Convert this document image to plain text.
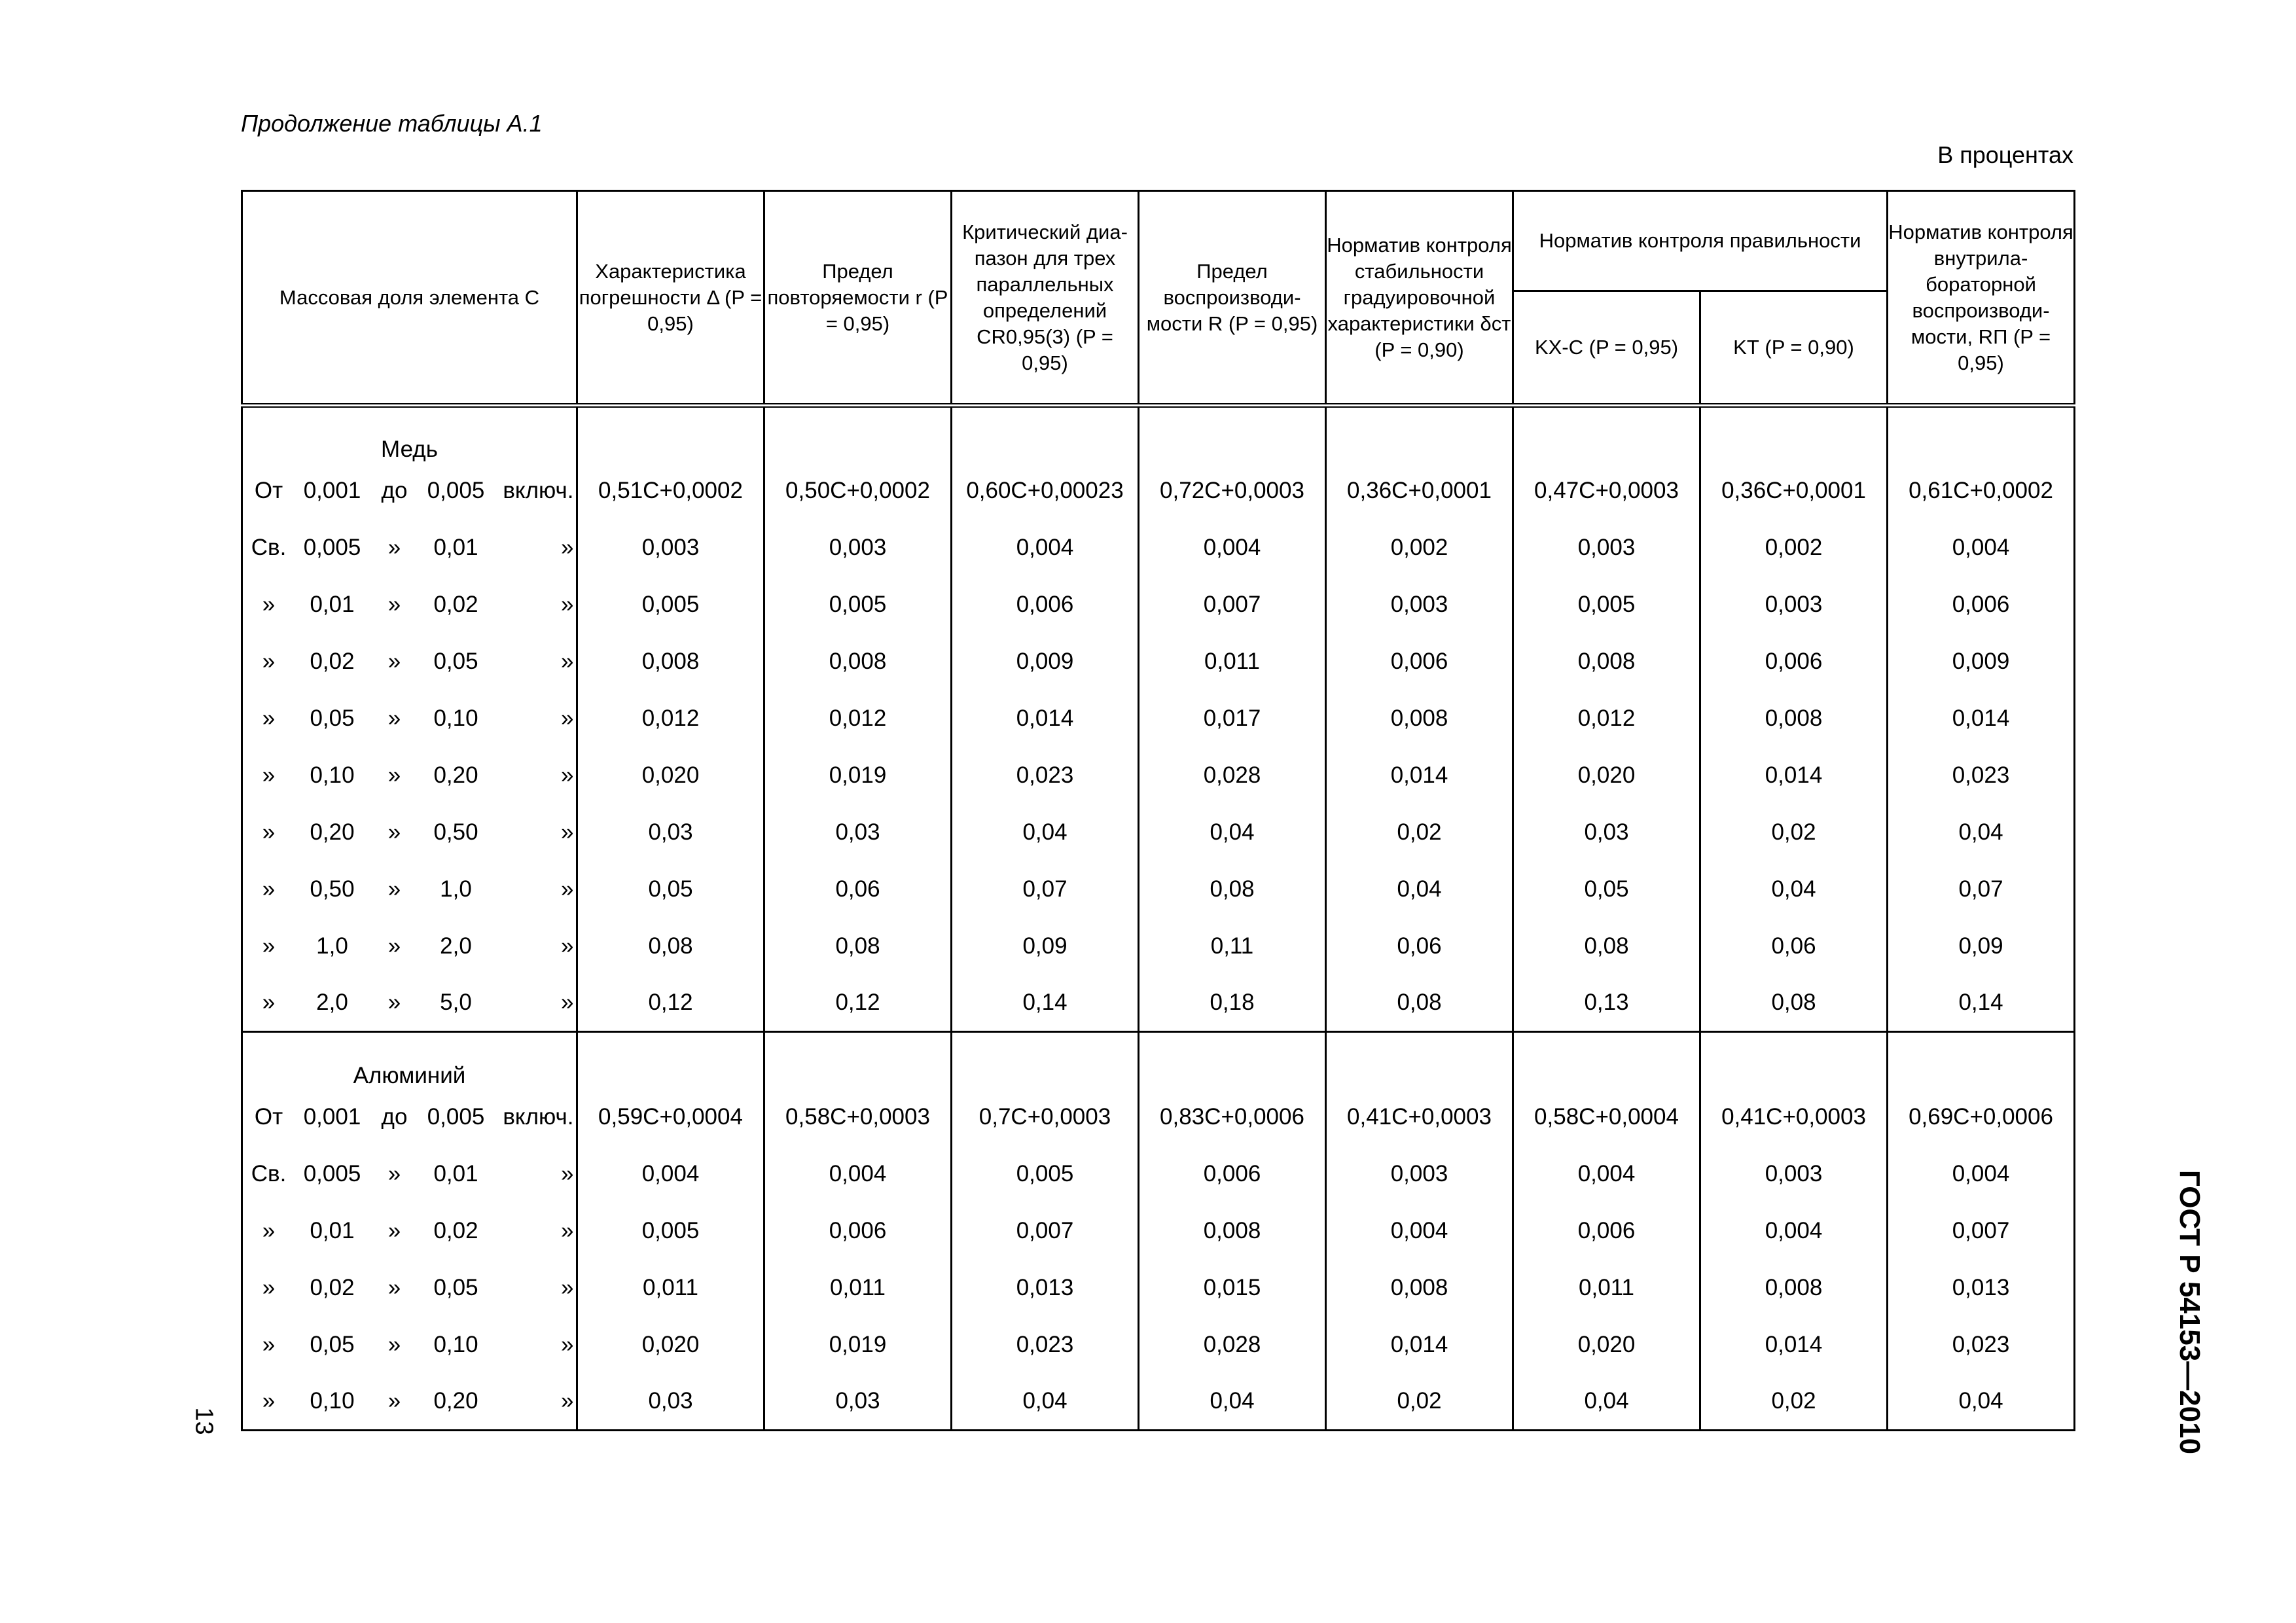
Продолжение таблицы А.1
В процентах
Массовая доля элемента C	Характеристика погрешности Δ (P = 0,95)	Предел повторяемости r (P = 0,95)	Критический диа-пазон для трех параллельных определений CR0,95(3) (P = 0,95)	Предел воспроизводи-мости R (P = 0,95)	Норматив контроля стабильности градуировочной характеристики δст (P = 0,90)	Норматив контроля правильности		Норматив контроля внутрила-бораторной воспроизводи-мости, RП (P = 0,95)
						KХ-С (P = 0,95)	KТ (P = 0,90)	
Медь								
От 0,001 до 0,005 включ.	0,51C+0,0002	0,50C+0,0002	0,60C+0,00023	0,72C+0,0003	0,36C+0,0001	0,47C+0,0003	0,36C+0,0001	0,61C+0,0002
Св. 0,005 » 0,01 »	0,003	0,003	0,004	0,004	0,002	0,003	0,002	0,004
» 0,01 » 0,02 »	0,005	0,005	0,006	0,007	0,003	0,005	0,003	0,006
» 0,02 » 0,05 »	0,008	0,008	0,009	0,011	0,006	0,008	0,006	0,009
» 0,05 » 0,10 »	0,012	0,012	0,014	0,017	0,008	0,012	0,008	0,014
» 0,10 » 0,20 »	0,020	0,019	0,023	0,028	0,014	0,020	0,014	0,023
» 0,20 » 0,50 »	0,03	0,03	0,04	0,04	0,02	0,03	0,02	0,04
» 0,50 » 1,0 »	0,05	0,06	0,07	0,08	0,04	0,05	0,04	0,07
» 1,0 » 2,0 »	0,08	0,08	0,09	0,11	0,06	0,08	0,06	0,09
» 2,0 » 5,0 »	0,12	0,12	0,14	0,18	0,08	0,13	0,08	0,14
Алюминий								
От 0,001 до 0,005 включ.	0,59C+0,0004	0,58C+0,0003	0,7C+0,0003	0,83C+0,0006	0,41C+0,0003	0,58C+0,0004	0,41C+0,0003	0,69C+0,0006
Св. 0,005 » 0,01 »	0,004	0,004	0,005	0,006	0,003	0,004	0,003	0,004
» 0,01 » 0,02 »	0,005	0,006	0,007	0,008	0,004	0,006	0,004	0,007
» 0,02 » 0,05 »	0,011	0,011	0,013	0,015	0,008	0,011	0,008	0,013
» 0,05 » 0,10 »	0,020	0,019	0,023	0,028	0,014	0,020	0,014	0,023
» 0,10 » 0,20 »	0,03	0,03	0,04	0,04	0,02	0,04	0,02	0,04
13	ГОСТ Р 54153—2010
